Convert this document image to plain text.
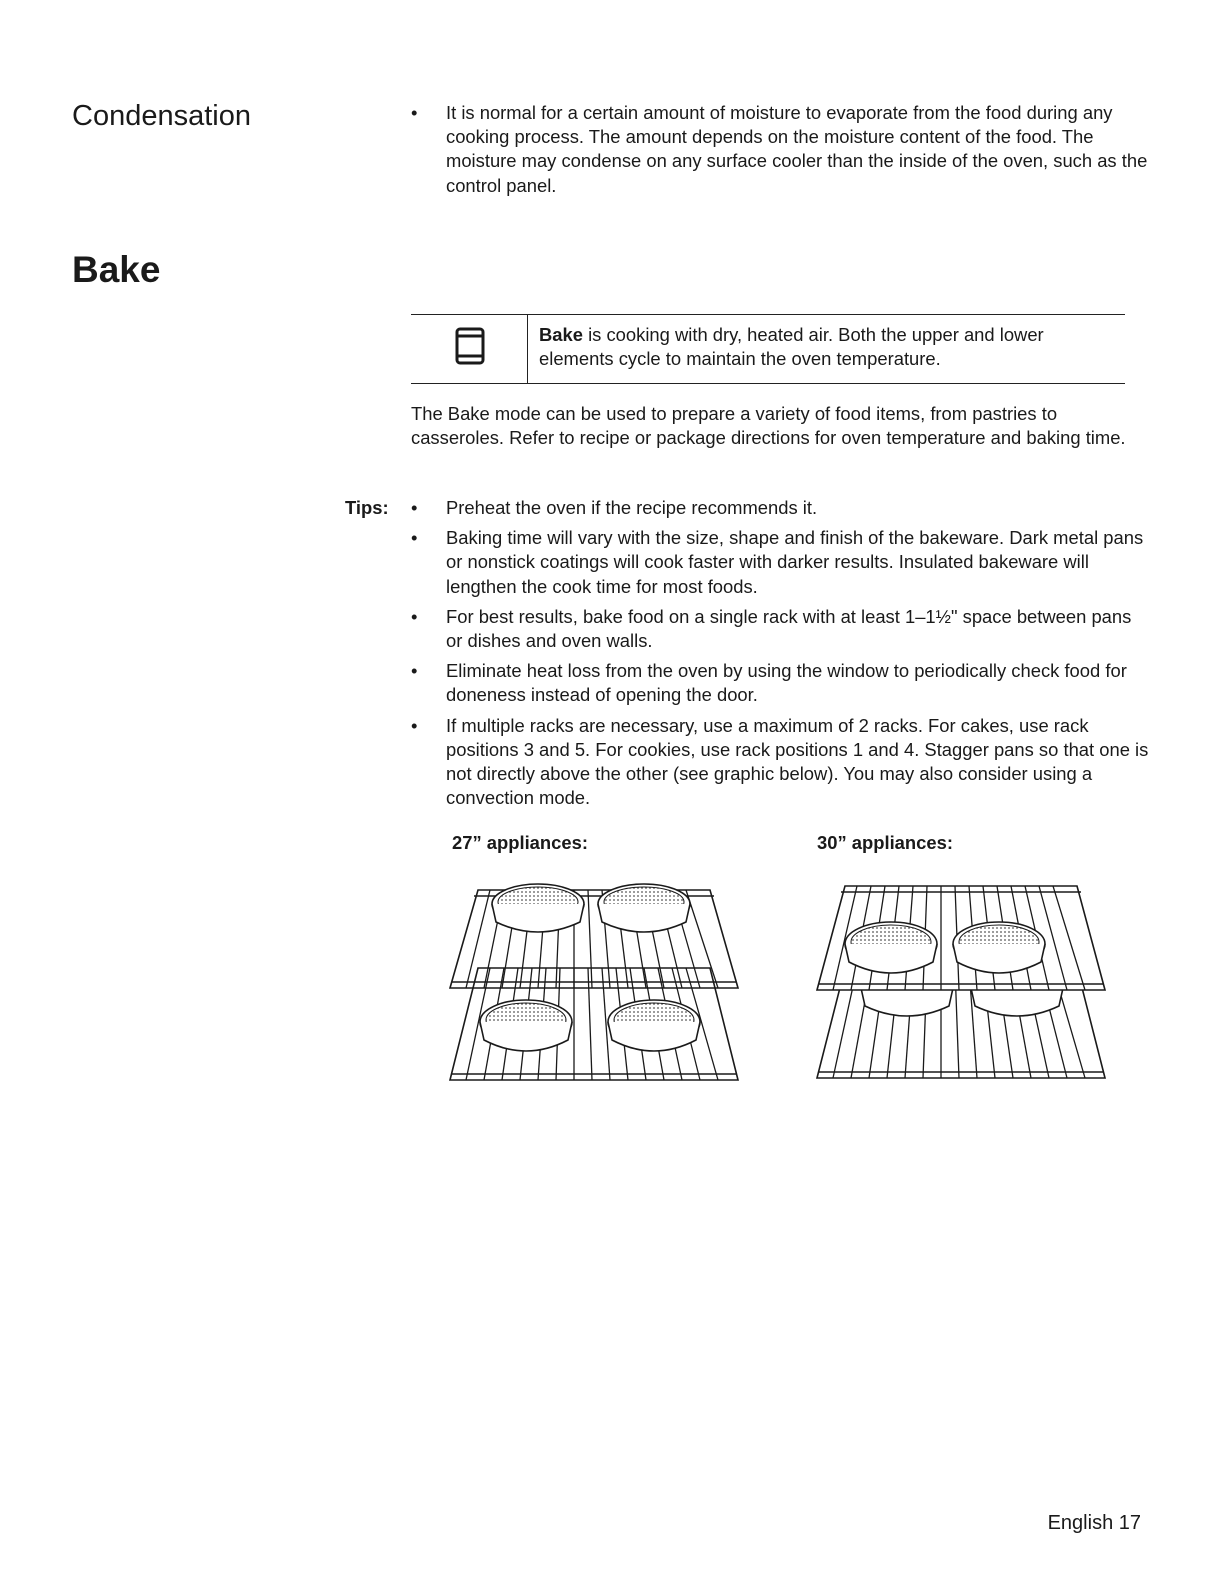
Condensation	•	It is normal for a certain amount of moisture to evaporate from the food during any cooking process. The amount depends on the moisture content of the food. The moisture may condense on any surface cooler than the inside of the oven, such as the control panel.
Bake
Bake is cooking with dry, heated air. Both the upper and lower elements cycle to maintain the oven temperature.

The Bake mode can be used to prepare a variety of food items, from pastries to casseroles. Refer to recipe or package directions for oven temperature and baking time.

Tips: •	Preheat the oven if the recipe recommends it.
•	Baking time will vary with the size, shape and finish of the bakeware. Dark metal pans or nonstick coatings will cook faster with darker results. Insulated bakeware will lengthen the cook time for most foods.
•	For best results, bake food on a single rack with at least 1–1½" space between pans or dishes and oven walls.
•	Eliminate heat loss from the oven by using the window to periodically check food for doneness instead of opening the door.
•	If multiple racks are necessary, use a maximum of 2 racks. For cakes, use rack positions 3 and 5. For cookies, use rack positions 1 and 4. Stagger pans so that one is not directly above the other (see graphic below). You may also consider using a convection mode.

27” appliances:	30” appliances:

English 17
